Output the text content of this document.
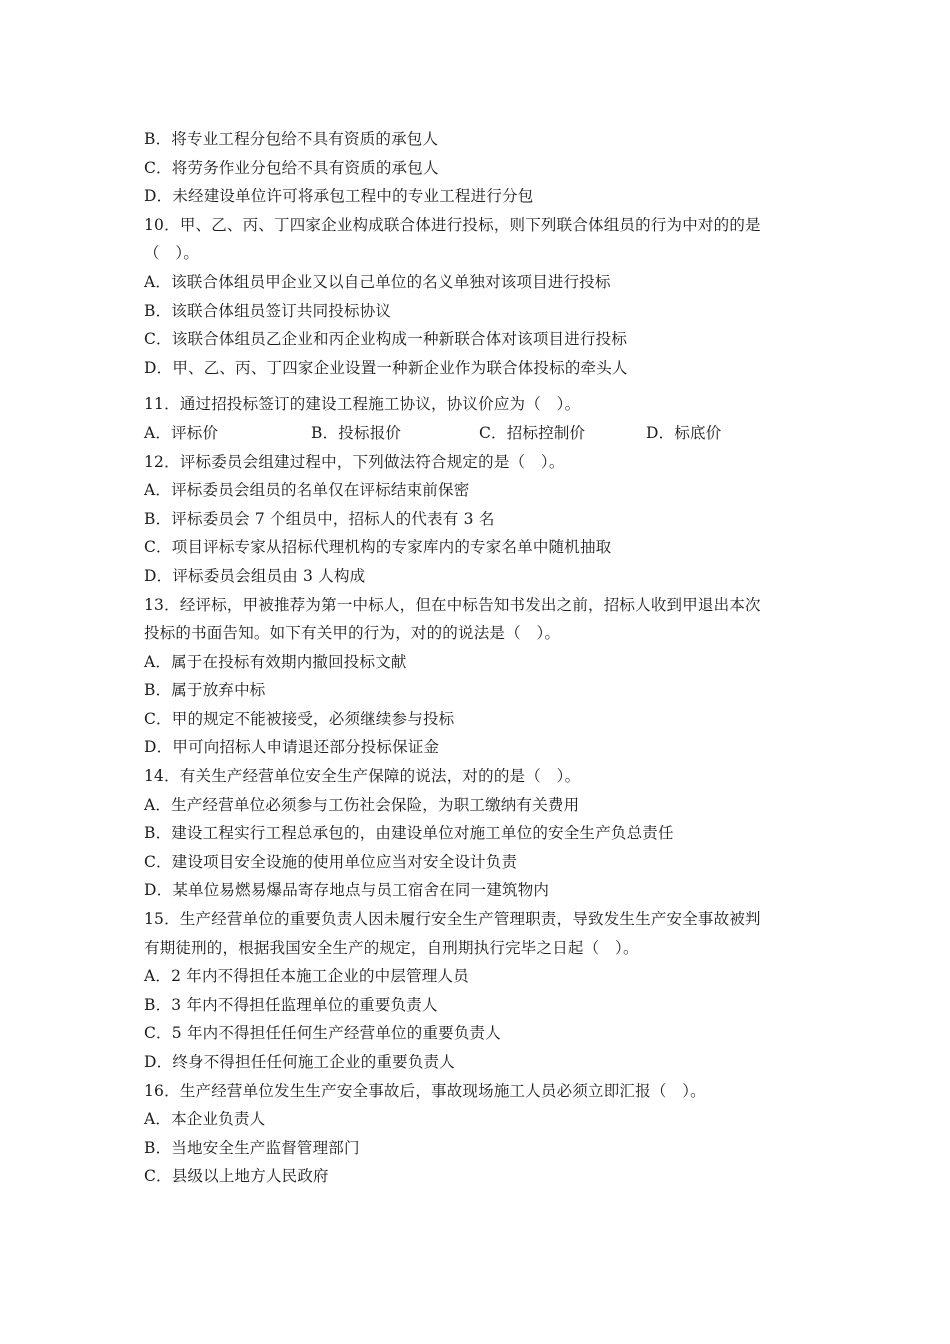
B．将专业工程分包给不具有资质的承包人
C．将劳务作业分包给不具有资质的承包人
D．未经建设单位许可将承包工程中的专业工程进行分包
10．甲、乙、丙、丁四家企业构成联合体进行投标，则下列联合体组员的行为中对的的是
（　）。
A．该联合体组员甲企业又以自己单位的名义单独对该项目进行投标
B．该联合体组员签订共同投标协议
C．该联合体组员乙企业和丙企业构成一种新联合体对该项目进行投标
D．甲、乙、丙、丁四家企业设置一种新企业作为联合体投标的牵头人
11．通过招投标签订的建设工程施工协议，协议价应为（　）。
A．评标价	B．投标报价	C．招标控制价	D．标底价
12．评标委员会组建过程中，下列做法符合规定的是（　）。
A．评标委员会组员的名单仅在评标结束前保密
B．评标委员会 7 个组员中，招标人的代表有 3 名
C．项目评标专家从招标代理机构的专家库内的专家名单中随机抽取
D．评标委员会组员由 3 人构成
13．经评标，甲被推荐为第一中标人，但在中标告知书发出之前，招标人收到甲退出本次
投标的书面告知。如下有关甲的行为，对的的说法是（　）。
A．属于在投标有效期内撤回投标文献
B．属于放弃中标
C．甲的规定不能被接受，必须继续参与投标
D．甲可向招标人申请退还部分投标保证金
14．有关生产经营单位安全生产保障的说法，对的的是（　）。
A．生产经营单位必须参与工伤社会保险，为职工缴纳有关费用
B．建设工程实行工程总承包的，由建设单位对施工单位的安全生产负总责任
C．建设项目安全设施的使用单位应当对安全设计负责
D．某单位易燃易爆品寄存地点与员工宿舍在同一建筑物内
15．生产经营单位的重要负责人因未履行安全生产管理职责，导致发生生产安全事故被判
有期徒刑的，根据我国安全生产的规定，自刑期执行完毕之日起（　）。
A．2 年内不得担任本施工企业的中层管理人员
B．3 年内不得担任监理单位的重要负责人
C．5 年内不得担任任何生产经营单位的重要负责人
D．终身不得担任任何施工企业的重要负责人
16．生产经营单位发生生产安全事故后，事故现场施工人员必须立即汇报（　）。
A．本企业负责人
B．当地安全生产监督管理部门
C．县级以上地方人民政府
